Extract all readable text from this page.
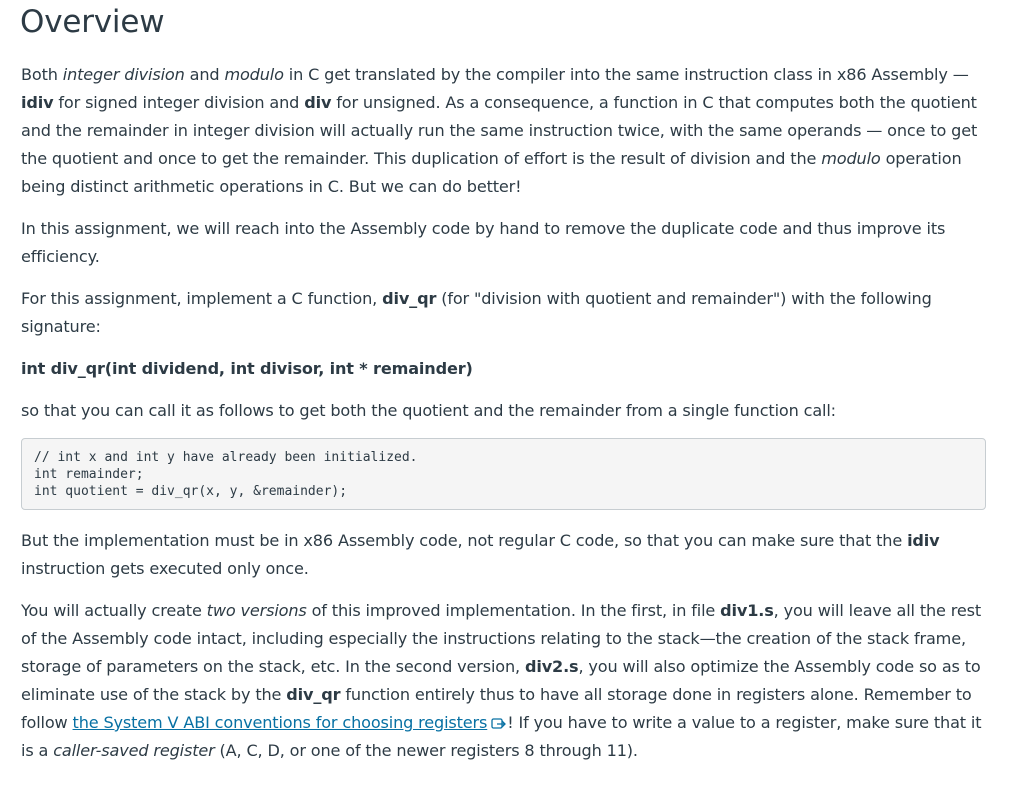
Overview

Both integer division and modulo in C get translated by the compiler into the same instruction class in x86 Assembly — idiv for signed integer division and div for unsigned. As a consequence, a function in C that computes both the quotient and the remainder in integer division will actually run the same instruction twice, with the same operands — once to get the quotient and once to get the remainder. This duplication of effort is the result of division and the modulo operation being distinct arithmetic operations in C. But we can do better!

In this assignment, we will reach into the Assembly code by hand to remove the duplicate code and thus improve its efficiency.

For this assignment, implement a C function, div_qr (for "division with quotient and remainder") with the following signature:

int div_qr(int dividend, int divisor, int * remainder)

so that you can call it as follows to get both the quotient and the remainder from a single function call:

// int x and int y have already been initialized.
int remainder;
int quotient = div_qr(x, y, &remainder);

But the implementation must be in x86 Assembly code, not regular C code, so that you can make sure that the idiv instruction gets executed only once.

You will actually create two versions of this improved implementation. In the first, in file div1.s, you will leave all the rest of the Assembly code intact, including especially the instructions relating to the stack—the creation of the stack frame, storage of parameters on the stack, etc. In the second version, div2.s, you will also optimize the Assembly code so as to eliminate use of the stack by the div_qr function entirely thus to have all storage done in registers alone. Remember to follow the System V ABI conventions for choosing registers ! If you have to write a value to a register, make sure that it is a caller-saved register (A, C, D, or one of the newer registers 8 through 11).
